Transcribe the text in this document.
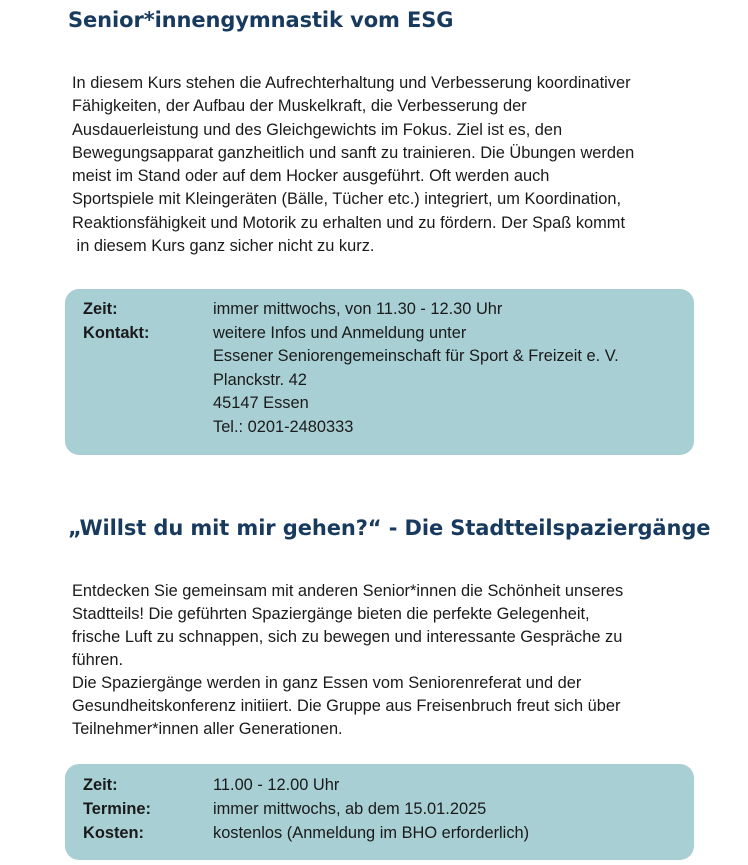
Senior*innengymnastik vom ESG

In diesem Kurs stehen die Aufrechterhaltung und Verbesserung koordinativer
Fähigkeiten, der Aufbau der Muskelkraft, die Verbesserung der
Ausdauerleistung und des Gleichgewichts im Fokus. Ziel ist es, den
Bewegungsapparat ganzheitlich und sanft zu trainieren. Die Übungen werden
meist im Stand oder auf dem Hocker ausgeführt. Oft werden auch
Sportspiele mit Kleingeräten (Bälle, Tücher etc.) integriert, um Koordination,
Reaktionsfähigkeit und Motorik zu erhalten und zu fördern. Der Spaß kommt
in diesem Kurs ganz sicher nicht zu kurz.

Zeit:	immer mittwochs, von 11.30 - 12.30 Uhr
Kontakt:	weitere Infos und Anmeldung unter
Essener Seniorengemeinschaft für Sport & Freizeit e. V.
Planckstr. 42
45147 Essen
Tel.: 0201-2480333
„Willst du mit mir gehen?“ - Die Stadtteilspaziergänge

Entdecken Sie gemeinsam mit anderen Senior*innen die Schönheit unseres
Stadtteils! Die geführten Spaziergänge bieten die perfekte Gelegenheit,
frische Luft zu schnappen, sich zu bewegen und interessante Gespräche zu
führen.
Die Spaziergänge werden in ganz Essen vom Seniorenreferat und der
Gesundheitskonferenz initiiert. Die Gruppe aus Freisenbruch freut sich über
Teilnehmer*innen aller Generationen.

Zeit:	11.00 - 12.00 Uhr
Termine:	immer mittwochs, ab dem 15.01.2025
Kosten:	kostenlos (Anmeldung im BHO erforderlich)
